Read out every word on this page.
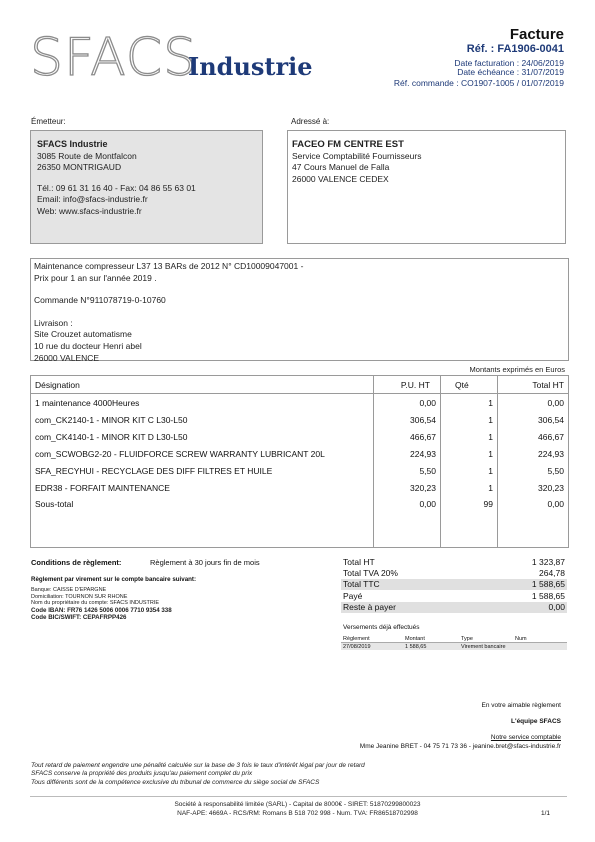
SFACS
Industrie
Facture
Réf. : FA1906-0041
Date facturation : 24/06/2019
Date échéance : 31/07/2019
Réf. commande : CO1907-1005 / 01/07/2019
Émetteur:
SFACS Industrie
3085 Route de Montfalcon
26350 MONTRIGAUD
Tél.: 09 61 31 16 40 - Fax: 04 86 55 63 01
Email: info@sfacs-industrie.fr
Web: www.sfacs-industrie.fr
Adressé à:
FACEO FM CENTRE EST
Service Comptabilité Fournisseurs
47 Cours Manuel de Falla
26000 VALENCE CEDEX
Maintenance compresseur L37 13 BARs de 2012 N° CD10009047001 -
Prix pour 1 an sur l'année 2019 .
Commande N°911078719-0-10760
Livraison :
Site Crouzet automatisme
10 rue du docteur Henri abel
26000 VALENCE
Montants exprimés en Euros
Désignation	P.U. HT	Qté	Total HT
1 maintenance 4000Heures	0,00	1	0,00
com_CK2140-1 - MINOR KIT C L30-L50	306,54	1	306,54
com_CK4140-1 - MINOR KIT D L30-L50	466,67	1	466,67
com_SCWOBG2-20 - FLUIDFORCE SCREW WARRANTY LUBRICANT 20L	224,93	1	224,93
SFA_RECYHUI - RECYCLAGE DES DIFF FILTRES ET HUILE	5,50	1	5,50
EDR38 - FORFAIT MAINTENANCE	320,23	1	320,23
Sous-total	0,00	99	0,00
Conditions de règlement:	Règlement à 30 jours fin de mois
Règlement par virement sur le compte bancaire suivant:
Banque: CAISSE D'EPARGNE
Domiciliation: TOURNON SUR RHONE
Nom du propriétaire du compte: SFACS INDUSTRIE
Code IBAN: FR76 1426 5006 0006 7710 9354 338
Code BIC/SWIFT: CEPAFRPP426
Total HT	1 323,87
Total TVA 20%	264,78
Total TTC	1 588,65
Payé	1 588,65
Reste à payer	0,00
Versements déjà effectués
Règlement	Montant	Type	Num
27/08/2019	1 588,65	Virement bancaire	
En votre aimable règlement
L'équipe SFACS
Notre service comptable
Mme Jeanine BRET - 04 75 71 73 36 - jeanine.bret@sfacs-industrie.fr
Tout retard de paiement engendre une pénalité calculée sur la base de 3 fois le taux d'intérêt légal par jour de retard
SFACS conserve la propriété des produits jusqu'au paiement complet du prix
Tous différents sont de la compétence exclusive du tribunal de commerce du siège social de SFACS
Société à responsabilité limitée (SARL) - Capital de 8000€ - SIRET: 51870299800023
NAF-APE: 4669A - RCS/RM: Romans B 518 702 998 - Num. TVA: FR86518702998	1/1
